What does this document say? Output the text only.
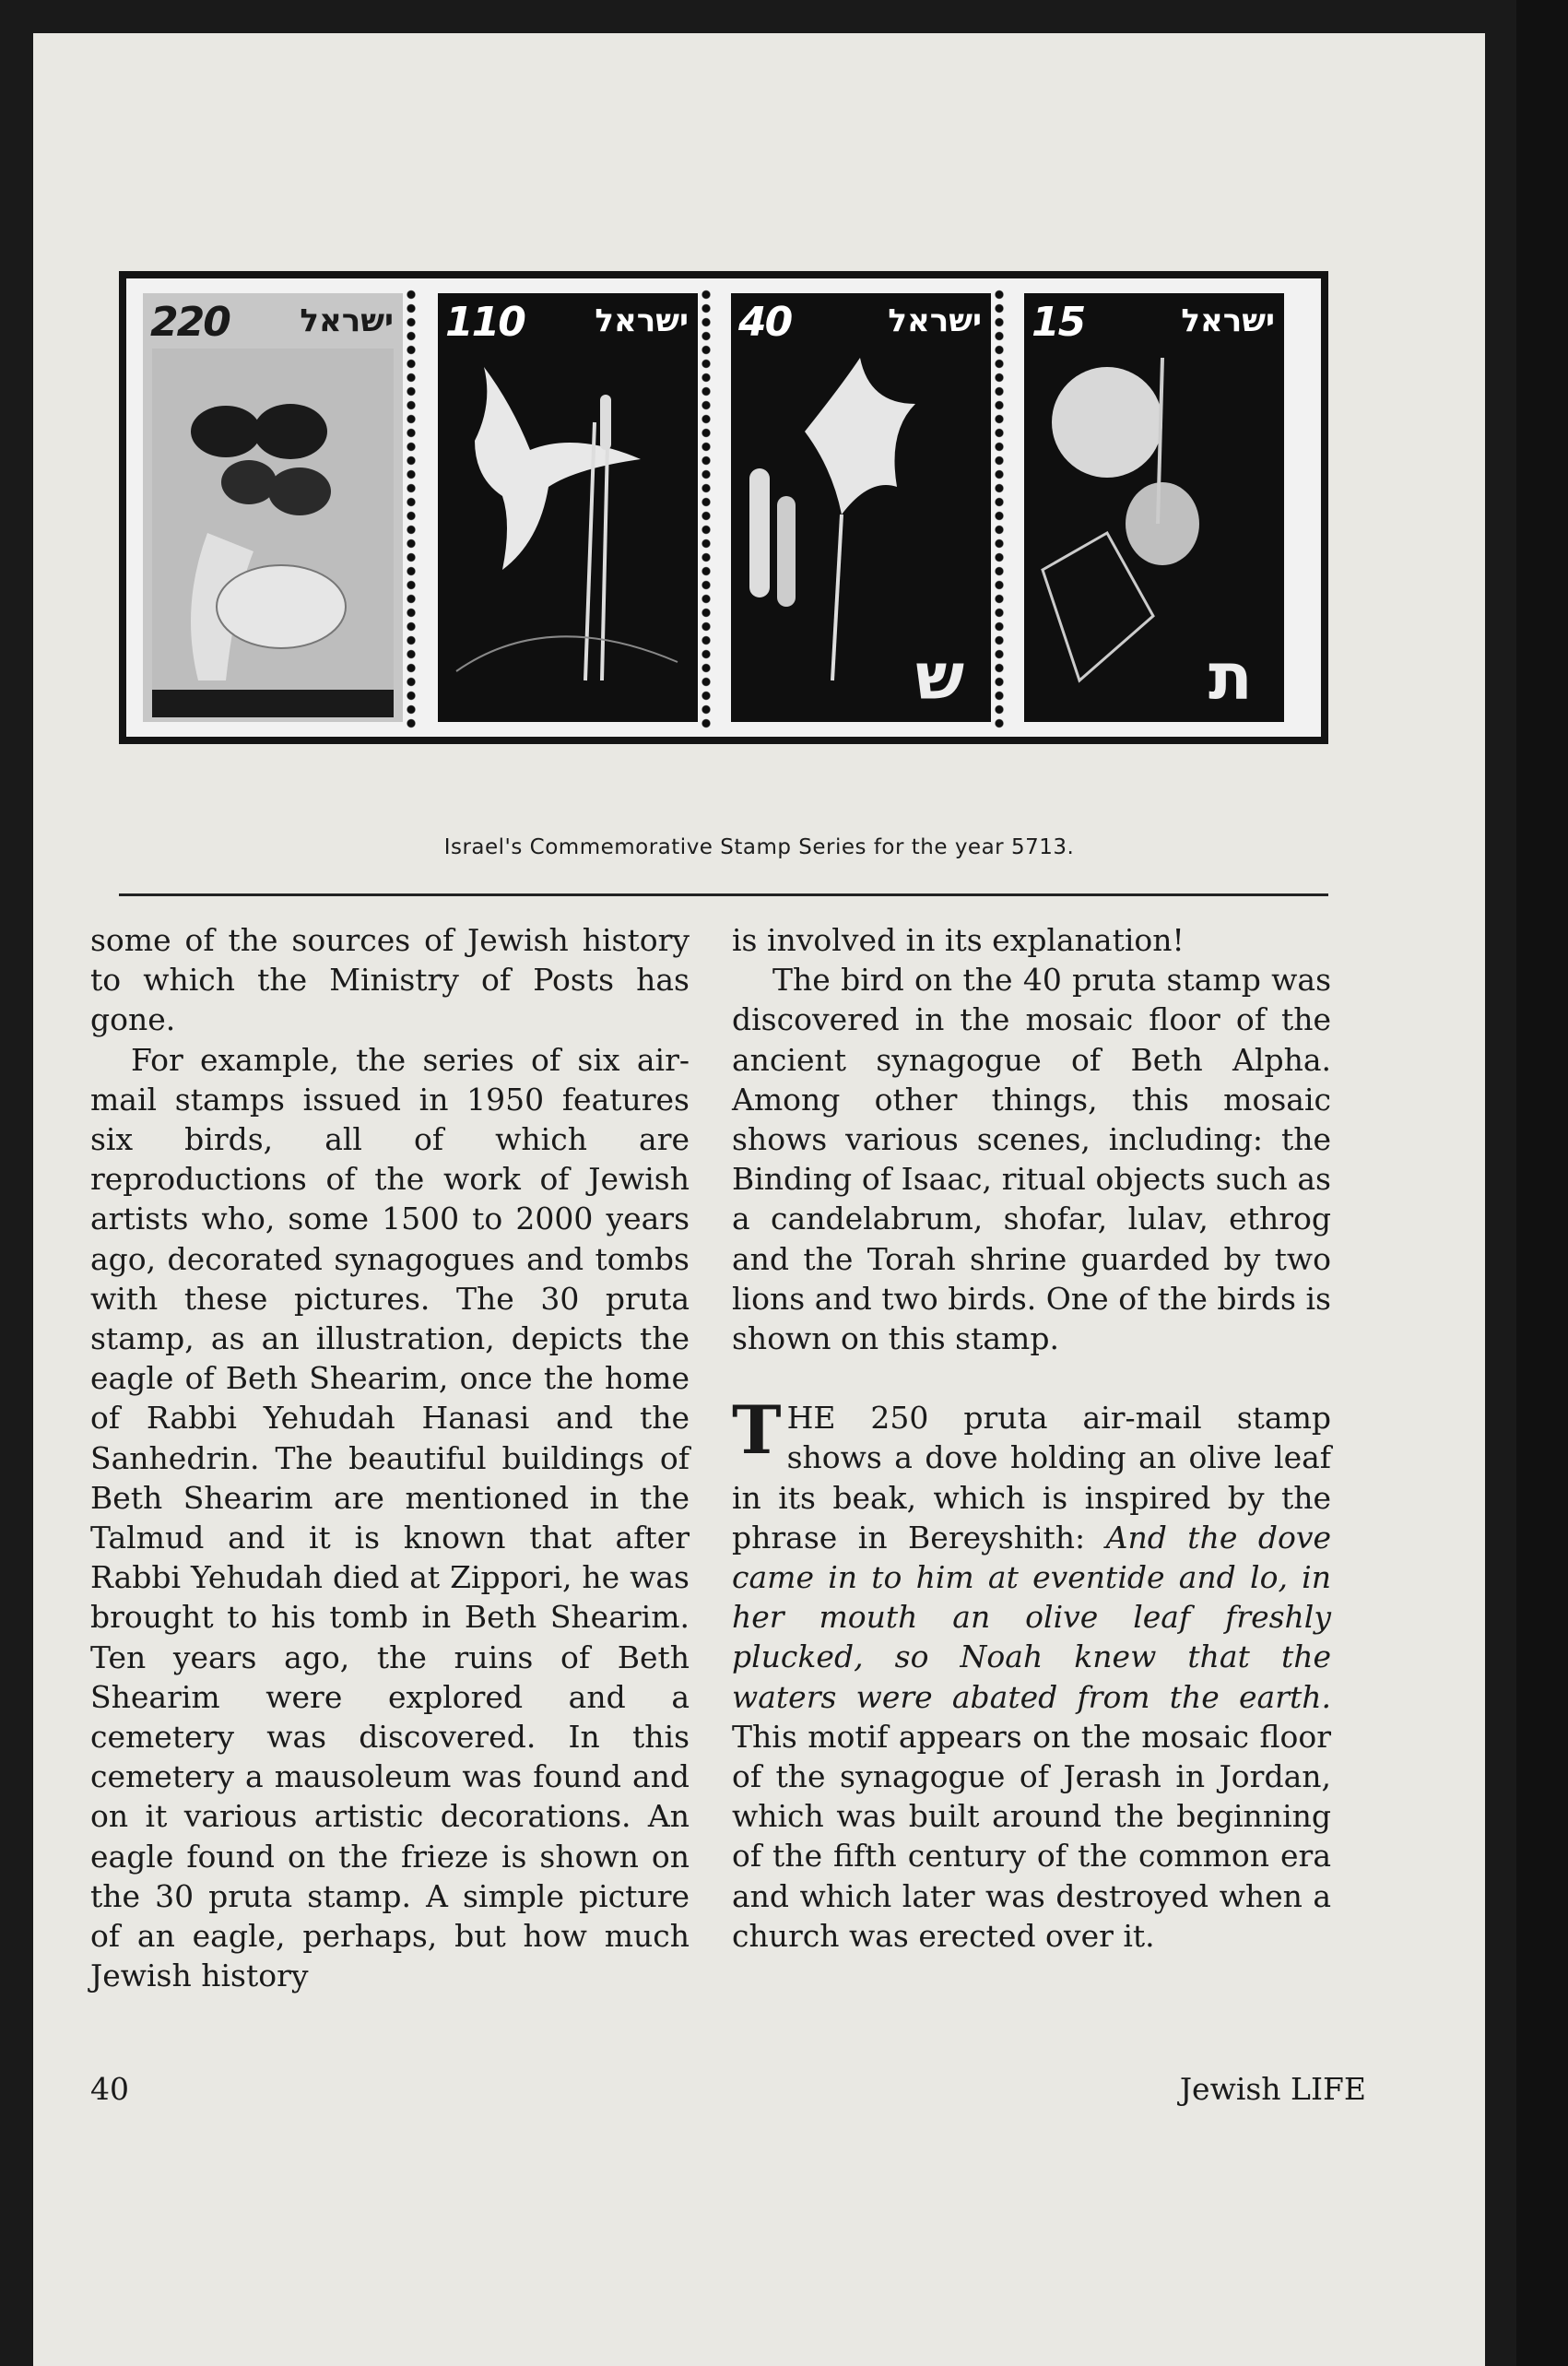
220 ישראל 110 ישראל
ש
40	ישראל
ת
15	ישראל
Israel's Commemorative Stamp Series for the year 5713.

some of the sources of Jewish history to which the Ministry of Posts has gone.

For example, the series of six air-mail stamps issued in 1950 features six birds, all of which are reproductions of the work of Jewish artists who, some 1500 to 2000 years ago, decorated synagogues and tombs with these pictures. The 30 pruta stamp, as an illustration, depicts the eagle of Beth Shearim, once the home of Rabbi Yehudah Hanasi and the Sanhedrin. The beautiful buildings of Beth Shearim are mentioned in the Talmud and it is known that after Rabbi Yehudah died at Zippori, he was brought to his tomb in Beth Shearim. Ten years ago, the ruins of Beth Shearim were explored and a cemetery was discovered. In this cemetery a mausoleum was found and on it various artistic decorations. An eagle found on the frieze is shown on the 30 pruta stamp. A simple picture of an eagle, perhaps, but how much Jewish history

is involved in its explanation!

The bird on the 40 pruta stamp was discovered in the mosaic floor of the ancient synagogue of Beth Alpha. Among other things, this mosaic shows various scenes, including: the Binding of Isaac, ritual objects such as a candelabrum, shofar, lulav, ethrog and the Torah shrine guarded by two lions and two birds. One of the birds is shown on this stamp.

THE 250 pruta air-mail stamp shows a dove holding an olive leaf in its beak, which is inspired by the phrase in Bereyshith: And the dove came in to him at eventide and lo, in her mouth an olive leaf freshly plucked, so Noah knew that the waters were abated from the earth. This motif appears on the mosaic floor of the synagogue of Jerash in Jordan, which was built around the beginning of the fifth century of the common era and which later was destroyed when a church was erected over it.

40	Jewish LIFE
